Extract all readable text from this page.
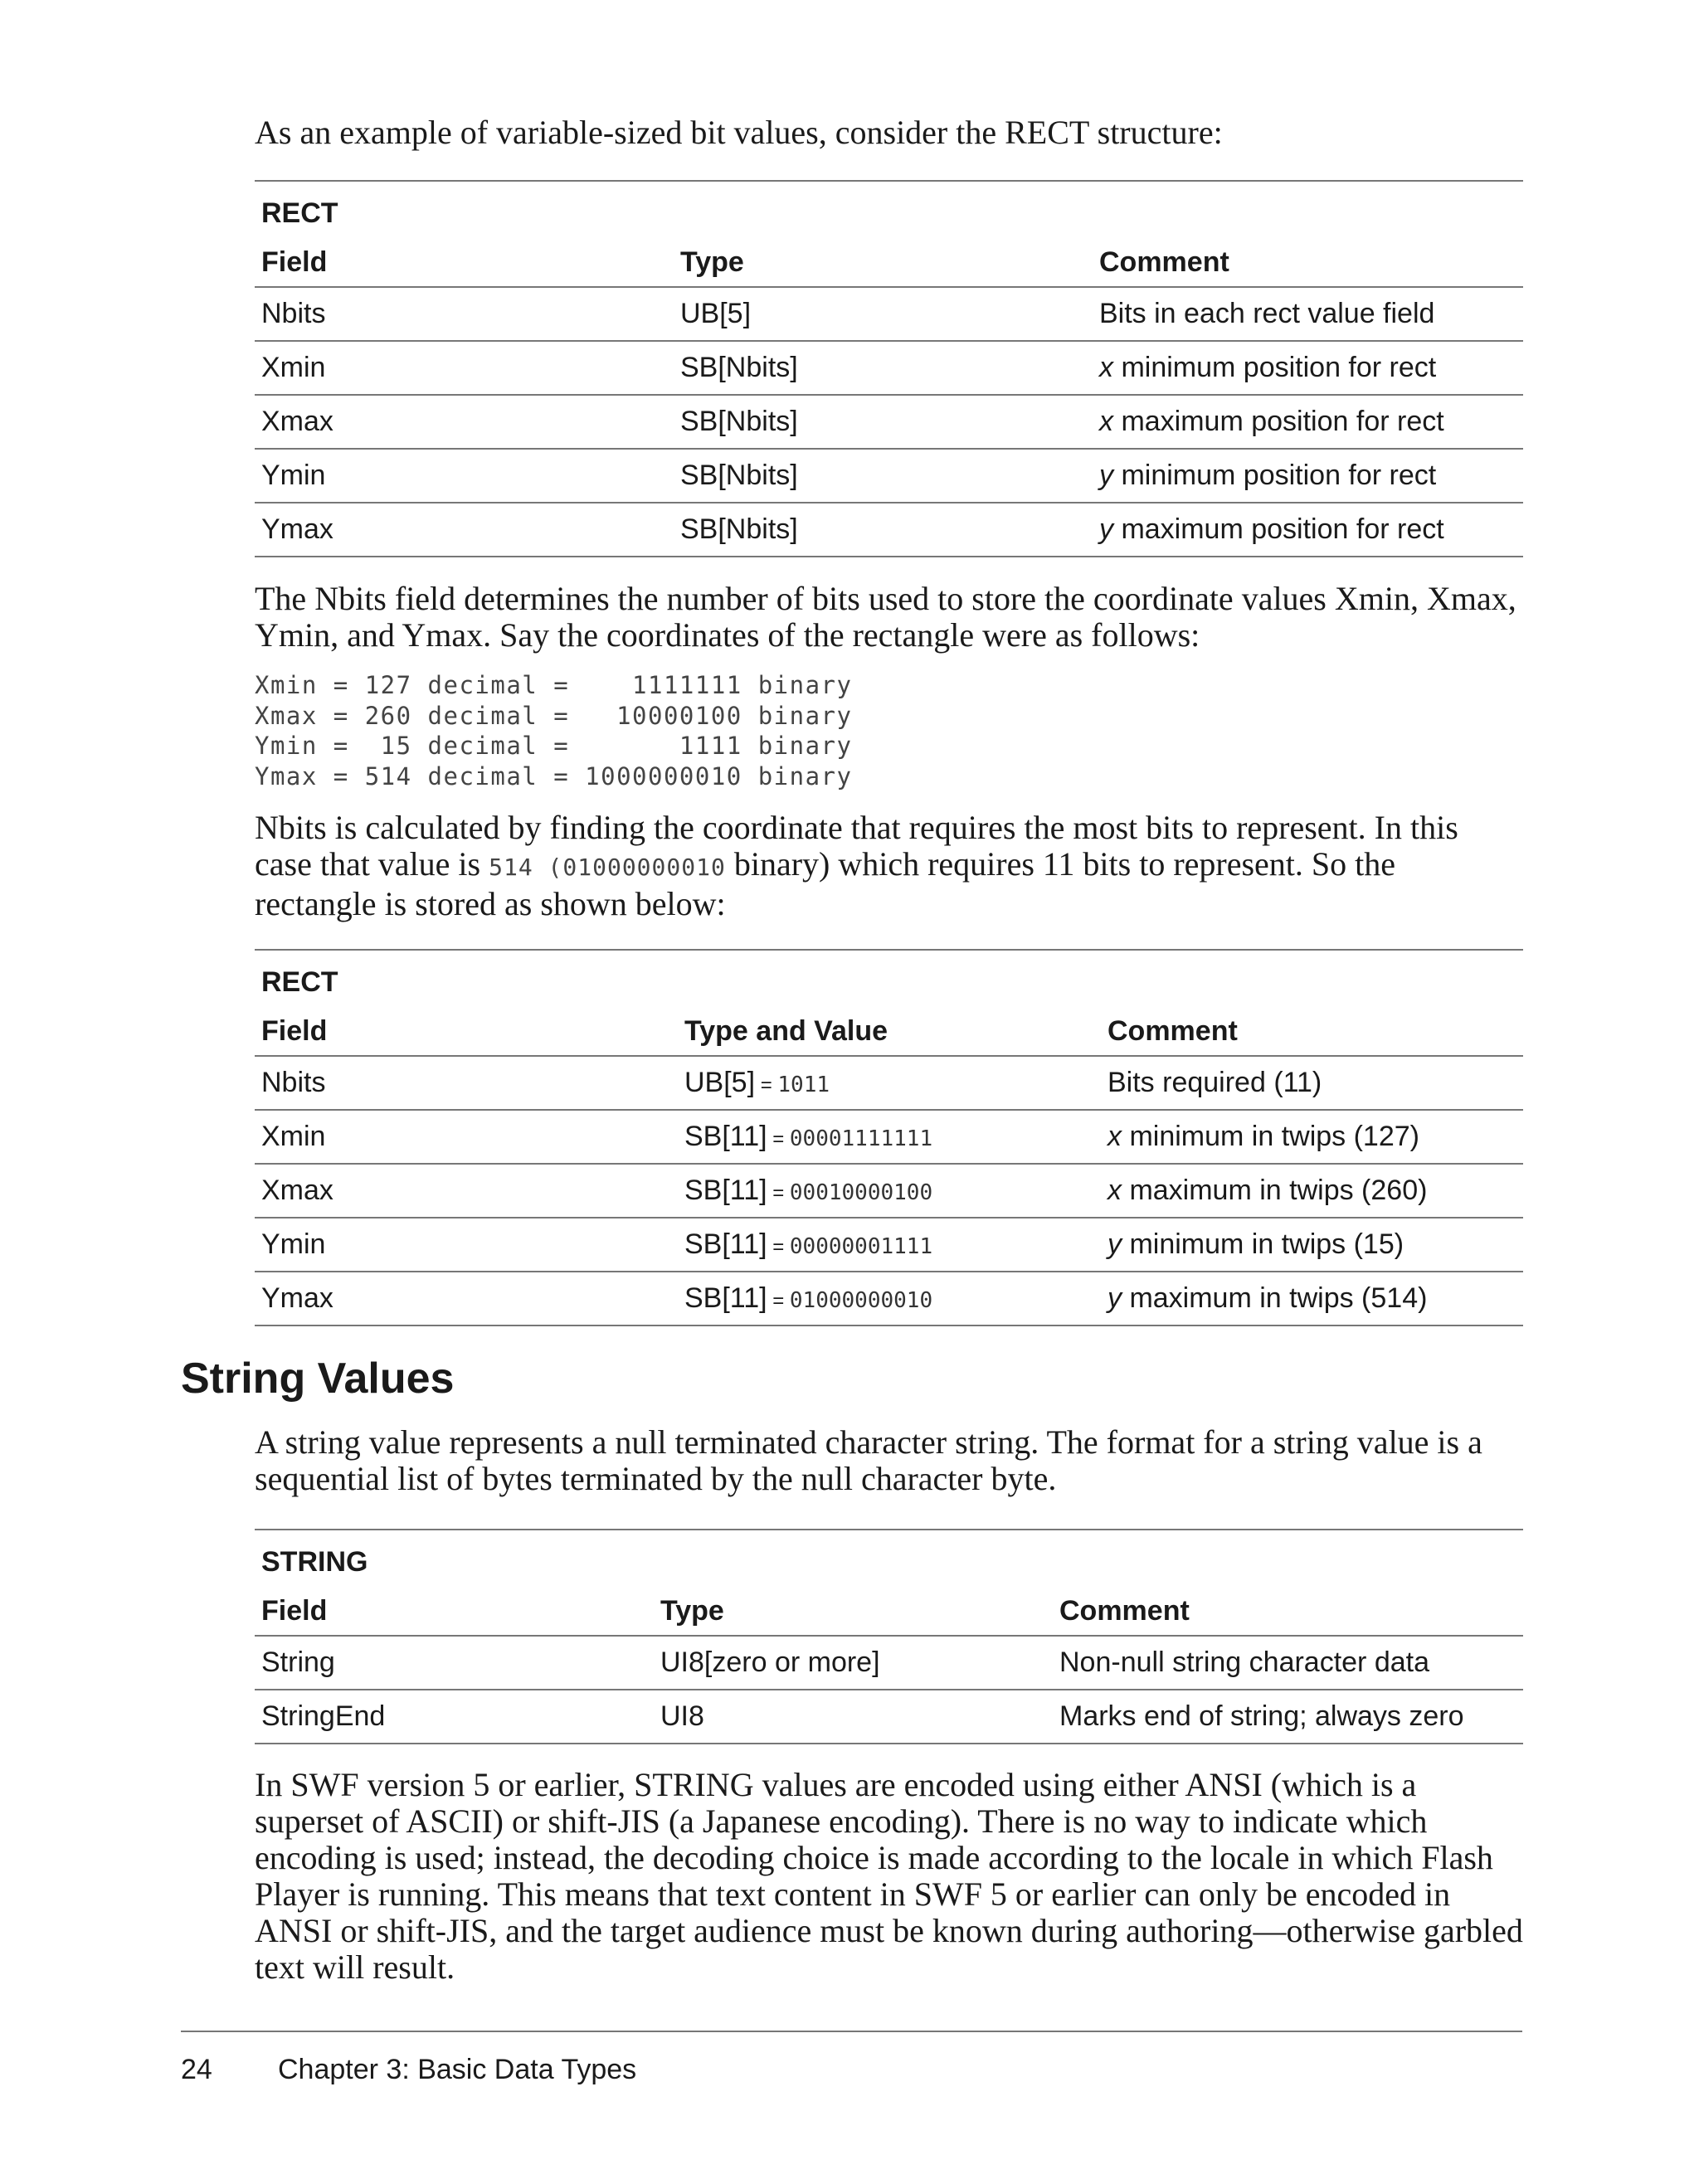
As an example of variable-sized bit values, consider the RECT structure:

RECT		
Field	Type	Comment
Nbits	UB[5]	Bits in each rect value field
Xmin	SB[Nbits]	x minimum position for rect
Xmax	SB[Nbits]	x maximum position for rect
Ymin	SB[Nbits]	y minimum position for rect
Ymax	SB[Nbits]	y maximum position for rect

The Nbits field determines the number of bits used to store the coordinate values Xmin, Xmax, Ymin, and Ymax. Say the coordinates of the rectangle were as follows:

Xmin = 127 decimal =    1111111 binary
Xmax = 260 decimal =   10000100 binary
Ymin =  15 decimal =       1111 binary
Ymax = 514 decimal = 1000000010 binary

Nbits is calculated by finding the coordinate that requires the most bits to represent. In this case that value is 514 (01000000010 binary) which requires 11 bits to represent. So the rectangle is stored as shown below:

RECT		
Field	Type and Value	Comment
Nbits	UB[5] = 1011	Bits required (11)
Xmin	SB[11] = 00001111111	x minimum in twips (127)
Xmax	SB[11] = 00010000100	x maximum in twips (260)
Ymin	SB[11] = 00000001111	y minimum in twips (15)
Ymax	SB[11] = 01000000010	y maximum in twips (514)
String Values

A string value represents a null terminated character string. The format for a string value is a sequential list of bytes terminated by the null character byte.

STRING		
Field	Type	Comment
String	UI8[zero or more]	Non-null string character data
StringEnd	UI8	Marks end of string; always zero

In SWF version 5 or earlier, STRING values are encoded using either ANSI (which is a superset of ASCII) or shift-JIS (a Japanese encoding). There is no way to indicate which encoding is used; instead, the decoding choice is made according to the locale in which Flash Player is running. This means that text content in SWF 5 or earlier can only be encoded in ANSI or shift-JIS, and the target audience must be known during authoring—otherwise garbled text will result.

24 Chapter 3: Basic Data Types
